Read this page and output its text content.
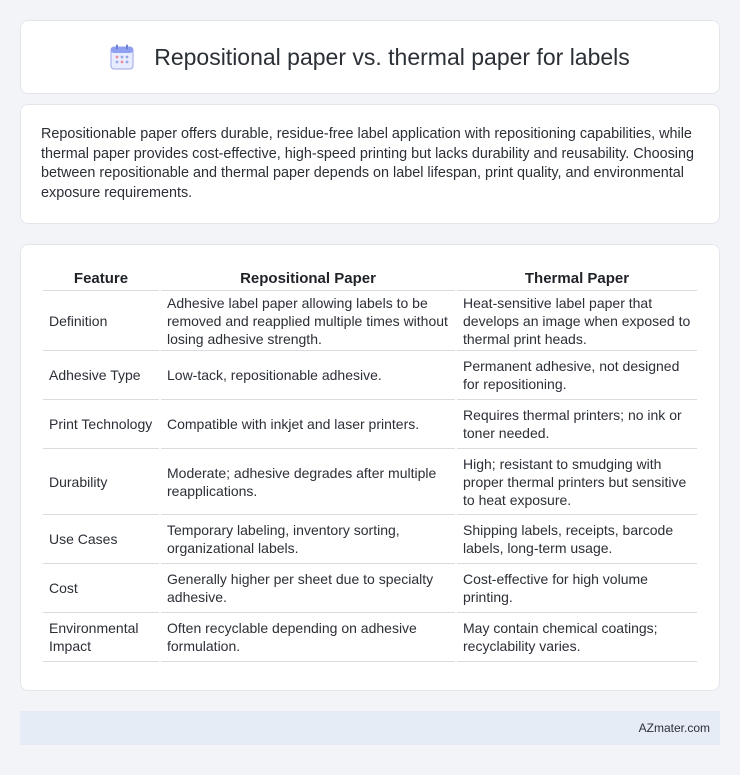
Repositional paper vs. thermal paper for labels

Repositionable paper offers durable, residue-free label application with repositioning capabilities, while thermal paper provides cost-effective, high-speed printing but lacks durability and reusability. Choosing between repositionable and thermal paper depends on label lifespan, print quality, and environmental exposure requirements.

Feature	Repositional Paper	Thermal Paper
Definition	Adhesive label paper allowing labels to be removed and reapplied multiple times without losing adhesive strength.	Heat-sensitive label paper that develops an image when exposed to thermal print heads.
Adhesive Type	Low-tack, repositionable adhesive.	Permanent adhesive, not designed for repositioning.
Print Technology	Compatible with inkjet and laser printers.	Requires thermal printers; no ink or toner needed.
Durability	Moderate; adhesive degrades after multiple reapplications.	High; resistant to smudging with proper thermal printers but sensitive to heat exposure.
Use Cases	Temporary labeling, inventory sorting, organizational labels.	Shipping labels, receipts, barcode labels, long-term usage.
Cost	Generally higher per sheet due to specialty adhesive.	Cost-effective for high volume printing.
Environmental Impact	Often recyclable depending on adhesive formulation.	May contain chemical coatings; recyclability varies.
AZmater.com
